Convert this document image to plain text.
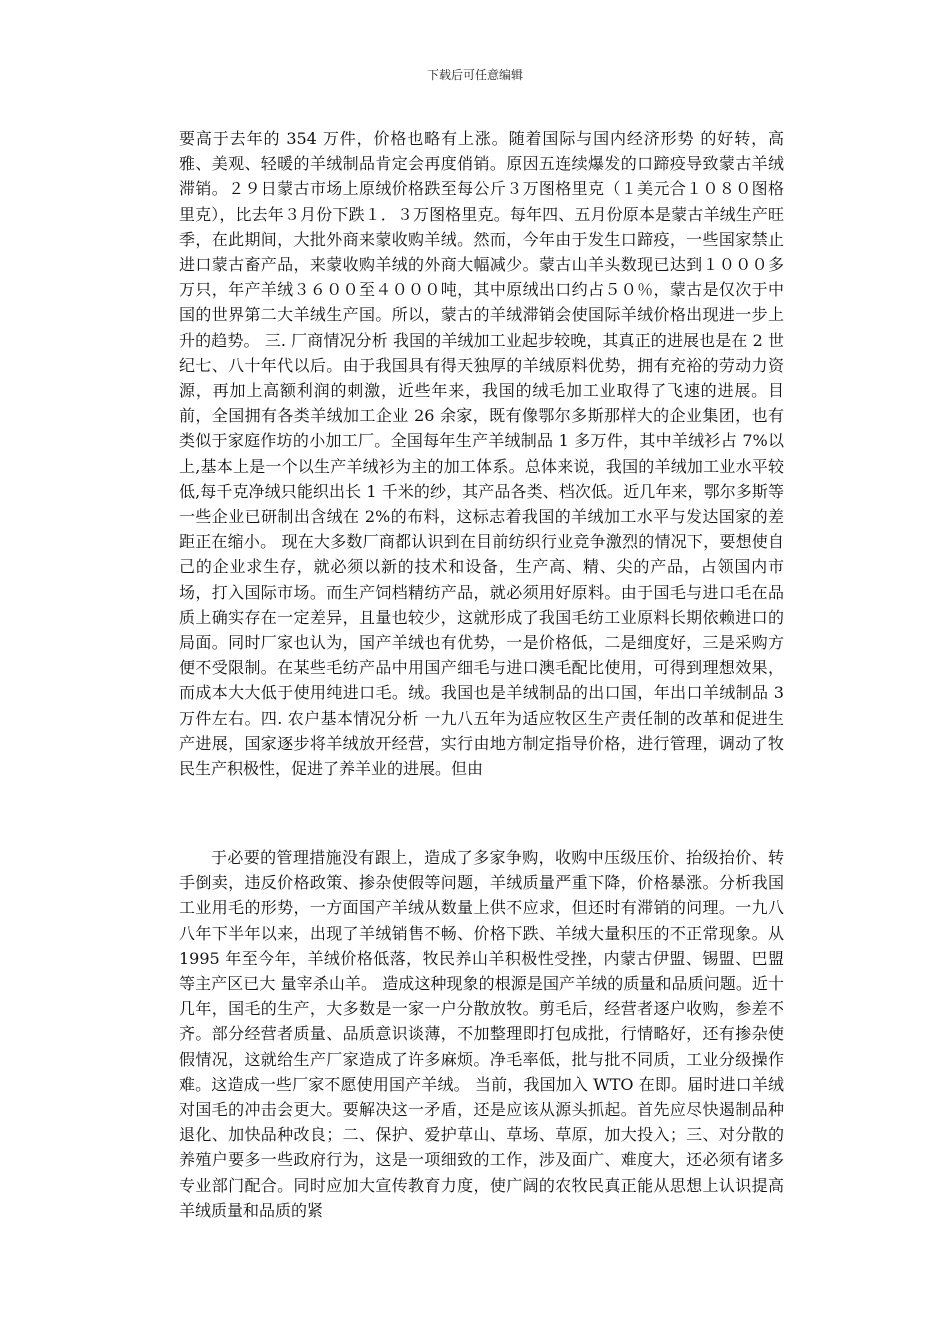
下载后可任意编辑
要高于去年的 354 万件，价格也略有上涨。随着国际与国内经济形势 的好转，高雅、美观、轻暖的羊绒制品肯定会再度俏销。原因五连续爆发的口蹄疫导致蒙古羊绒滞销。２９日蒙古市场上原绒价格跌至每公斤３万图格里克（１美元合１０８０图格里克），比去年３月份下跌１．３万图格里克。每年四、五月份原本是蒙古羊绒生产旺季，在此期间，大批外商来蒙收购羊绒。然而，今年由于发生口蹄疫，一些国家禁止进口蒙古畜产品，来蒙收购羊绒的外商大幅减少。蒙古山羊头数现已达到１０００多万只，年产羊绒３６００至４０００吨，其中原绒出口约占５０％，蒙古是仅次于中国的世界第二大羊绒生产国。所以，蒙古的羊绒滞销会使国际羊绒价格出现进一步上升的趋势。 三. 厂商情况分析 我国的羊绒加工业起步较晚，其真正的进展也是在 2 世纪七、八十年代以后。由于我国具有得天独厚的羊绒原料优势，拥有充裕的劳动力资源，再加上高额利润的刺激，近些年来，我国的绒毛加工业取得了飞速的进展。目前，全国拥有各类羊绒加工企业 26 余家，既有像鄂尔多斯那样大的企业集团，也有类似于家庭作坊的小加工厂。全国每年生产羊绒制品 1 多万件，其中羊绒衫占 7%以上,基本上是一个以生产羊绒衫为主的加工体系。总体来说，我国的羊绒加工业水平较低,每千克净绒只能织出长 1 千米的纱，其产品各类、档次低。近几年来，鄂尔多斯等一些企业已研制出含绒在 2%的布料，这标志着我国的羊绒加工水平与发达国家的差距正在缩小。 现在大多数厂商都认识到在目前纺织行业竞争激烈的情况下，要想使自己的企业求生存，就必须以新的技术和设备，生产高、精、尖的产品，占领国内市场，打入国际市场。而生产饲档精纺产品，就必须用好原料。由于国毛与进口毛在品质上确实存在一定差异，且量也较少，这就形成了我国毛纺工业原料长期依赖进口的局面。同时厂家也认为，国产羊绒也有优势，一是价格低，二是细度好，三是采购方便不受限制。在某些毛纺产品中用国产细毛与进口澳毛配比使用，可得到理想效果，而成本大大低于使用纯进口毛。绒。我国也是羊绒制品的出口国，年出口羊绒制品 3 万件左右。四. 农户基本情况分析 一九八五年为适应牧区生产责任制的改革和促进生产进展，国家逐步将羊绒放开经营，实行由地方制定指导价格，进行管理，调动了牧民生产积极性，促进了养羊业的进展。但由
于必要的管理措施没有跟上，造成了多家争购，收购中压级压价、抬级抬价、转手倒卖，违反价格政策、掺杂使假等问题，羊绒质量严重下降，价格暴涨。分析我国工业用毛的形势，一方面国产羊绒从数量上供不应求，但还时有滞销的问理。一九八八年下半年以来，出现了羊绒销售不畅、价格下跌、羊绒大量积压的不正常现象。从 1995 年至今年，羊绒价格低落，牧民养山羊积极性受挫，内蒙古伊盟、锡盟、巴盟等主产区已大 量宰杀山羊。 造成这种现象的根源是国产羊绒的质量和品质问题。近十几年，国毛的生产，大多数是一家一户分散放牧。剪毛后，经营者逐户收购，参差不齐。部分经营者质量、品质意识谈薄，不加整理即打包成批，行情略好，还有掺杂使假情况，这就给生产厂家造成了许多麻烦。净毛率低，批与批不同质，工业分级操作难。这造成一些厂家不愿使用国产羊绒。 当前，我国加入 WTO 在即。届时进口羊绒对国毛的冲击会更大。要解决这一矛盾，还是应该从源头抓起。首先应尽快遏制品种退化、加快品种改良；二、保护、爱护草山、草场、草原，加大投入；三、对分散的养殖户要多一些政府行为，这是一项细致的工作，涉及面广、难度大，还必须有诸多专业部门配合。同时应加大宣传教育力度，使广阔的农牧民真正能从思想上认识提高羊绒质量和品质的紧
